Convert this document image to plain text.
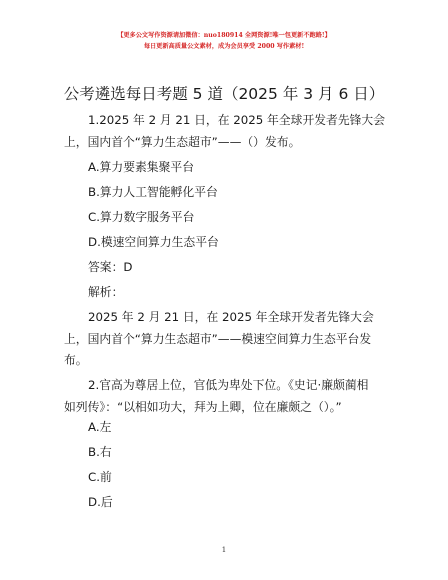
【更多公文写作资源请加微信：nuo180914 全网资源!唯一包更新不跑路!】
每日更新高质量公文素材，成为会员享受 2000 写作素材!
公考遴选每日考题 5 道（2025 年 3 月 6 日）
1.2025 年 2 月 21 日，在 2025 年全球开发者先锋大会
上，国内首个“算力生态超市”——（）发布。
A.算力要素集聚平台
B.算力人工智能孵化平台
C.算力数字服务平台
D.模速空间算力生态平台
答案：D
解析：
2025 年 2 月 21 日，在 2025 年全球开发者先锋大会
上，国内首个“算力生态超市”——模速空间算力生态平台发
布。
2.官高为尊居上位，官低为卑处下位。《史记·廉颇蔺相
如列传》：“以相如功大，拜为上卿，位在廉颇之（）。”
A.左
B.右
C.前
D.后
1
